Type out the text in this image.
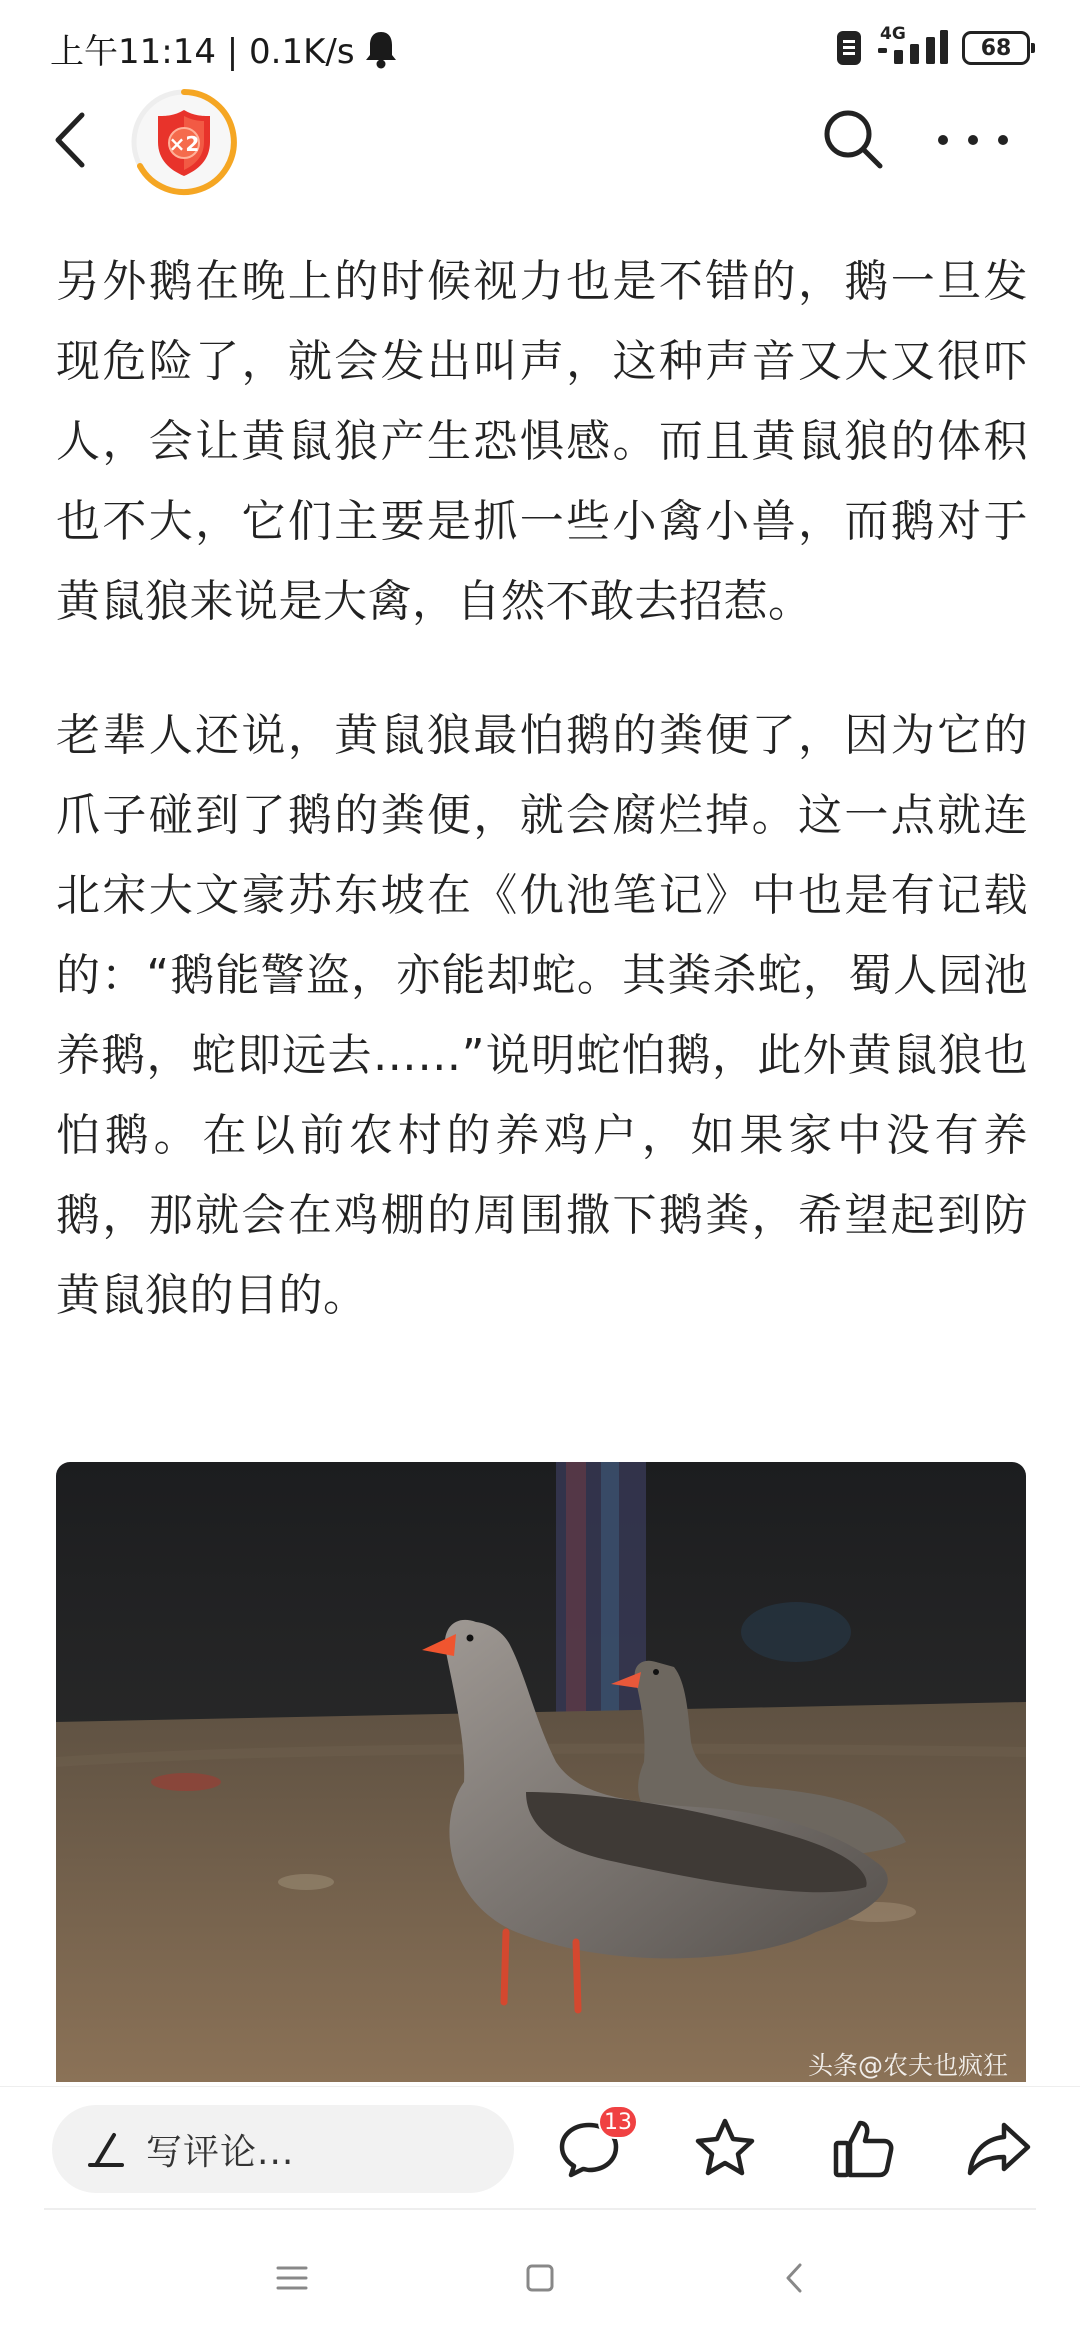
上午11:14 | 0.1K/s	4G
68
×2

另外鹅在晚上的时候视力也是不错的，鹅一旦发现危险了，就会发出叫声，这种声音又大又很吓人，会让黄鼠狼产生恐惧感。而且黄鼠狼的体积也不大，它们主要是抓一些小禽小兽，而鹅对于黄鼠狼来说是大禽，自然不敢去招惹。

老辈人还说，黄鼠狼最怕鹅的粪便了，因为它的爪子碰到了鹅的粪便，就会腐烂掉。这一点就连北宋大文豪苏东坡在《仇池笔记》中也是有记载的：“鹅能警盗，亦能却蛇。其粪杀蛇，蜀人园池养鹅，蛇即远去……”说明蛇怕鹅，此外黄鼠狼也怕鹅。在以前农村的养鸡户，如果家中没有养鹅，那就会在鸡棚的周围撒下鹅粪，希望起到防黄鼠狼的目的。

头条@农夫也疯狂
写评论...
13
